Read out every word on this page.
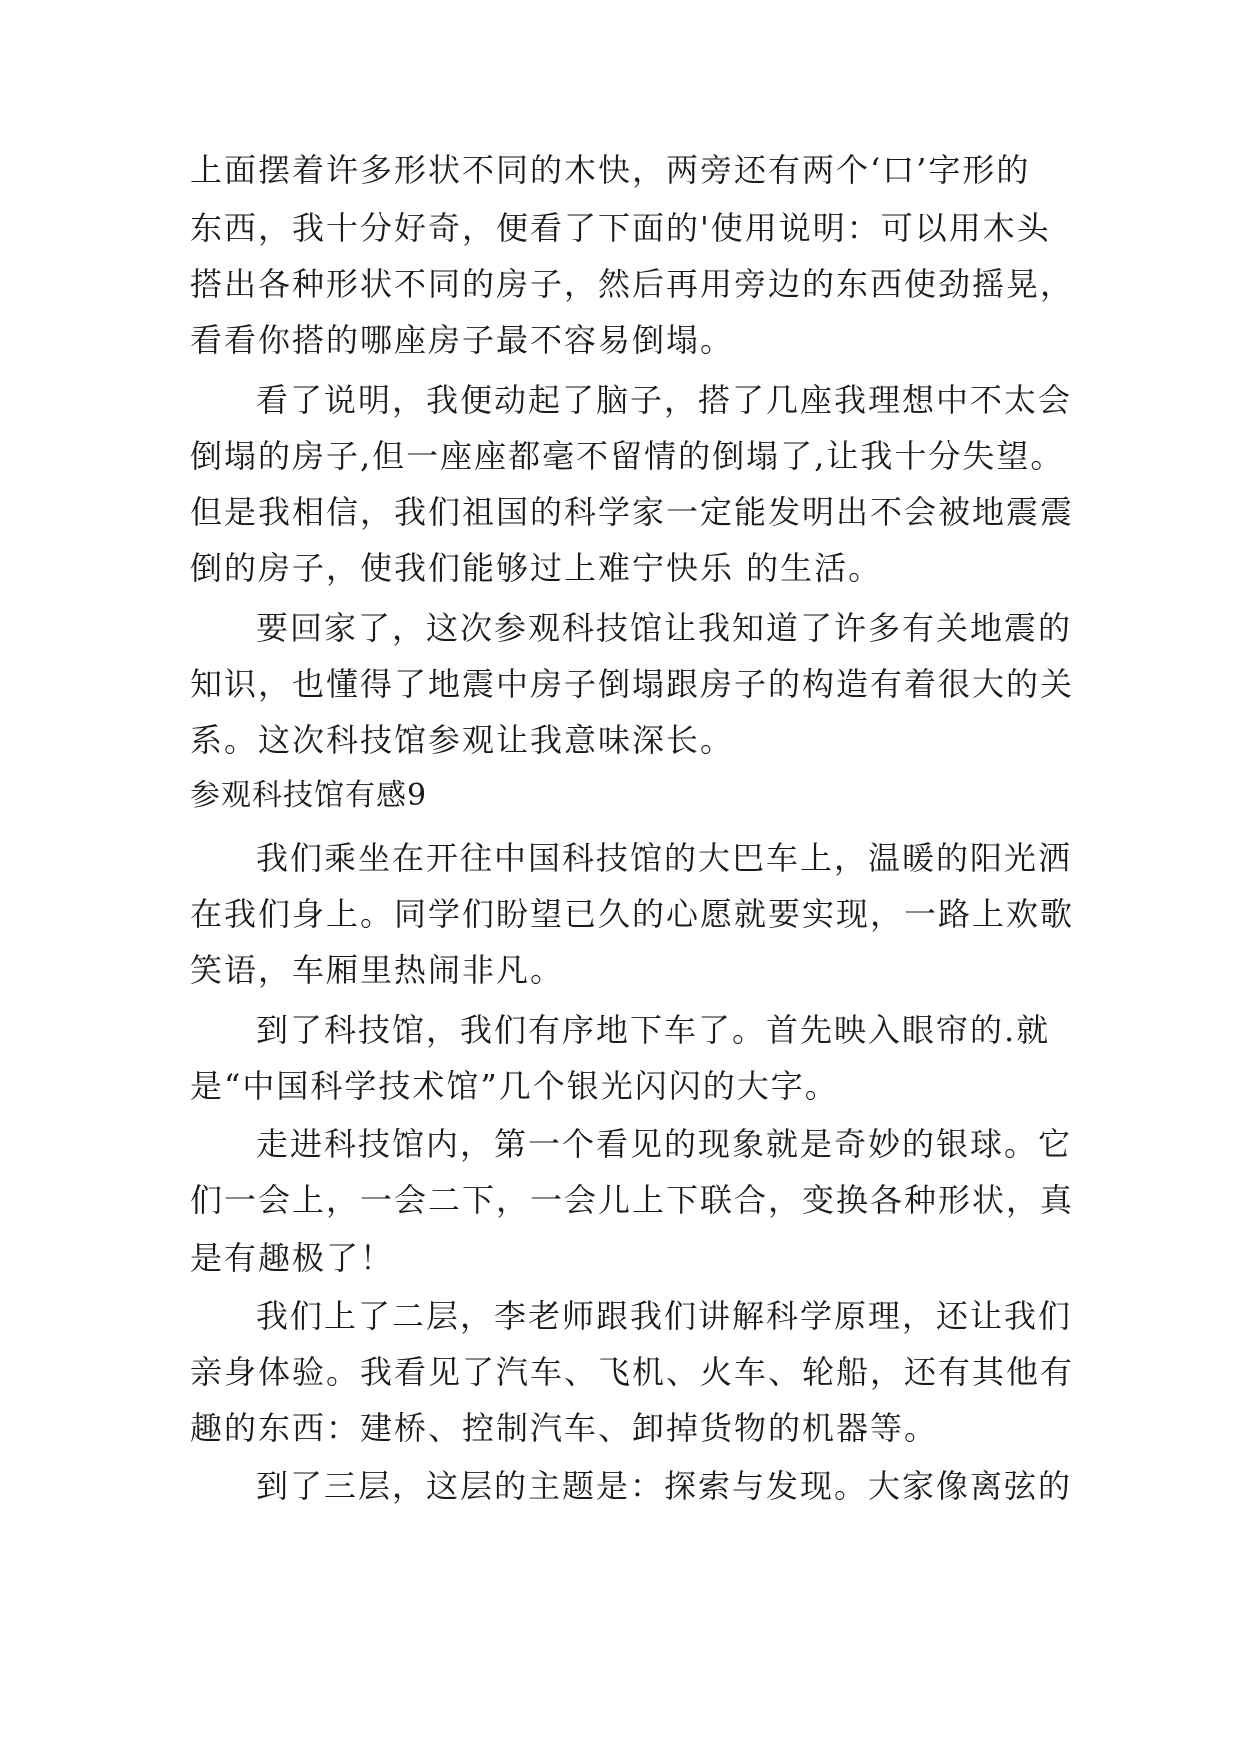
上面摆着许多形状不同的木快，两旁还有两个‘口’字形的
东西，我十分好奇，便看了下面的'使用说明：可以用木头
搭出各种形状不同的房子，然后再用旁边的东西使劲摇晃，
看看你搭的哪座房子最不容易倒塌。
看了说明，我便动起了脑子，搭了几座我理想中不太会
倒塌的房子,但一座座都毫不留情的倒塌了,让我十分失望。
但是我相信，我们祖国的科学家一定能发明出不会被地震震
倒的房子，使我们能够过上难宁快乐 的生活。
要回家了，这次参观科技馆让我知道了许多有关地震的
知识，也懂得了地震中房子倒塌跟房子的构造有着很大的关
系。这次科技馆参观让我意味深长。
参观科技馆有感9
我们乘坐在开往中国科技馆的大巴车上，温暖的阳光洒
在我们身上。同学们盼望已久的心愿就要实现，一路上欢歌
笑语，车厢里热闹非凡。
到了科技馆，我们有序地下车了。首先映入眼帘的.就
是“中国科学技术馆”几个银光闪闪的大字。
走进科技馆内，第一个看见的现象就是奇妙的银球。它
们一会上，一会二下，一会儿上下联合，变换各种形状，真
是有趣极了！
我们上了二层，李老师跟我们讲解科学原理，还让我们
亲身体验。我看见了汽车、飞机、火车、轮船，还有其他有
趣的东西：建桥、控制汽车、卸掉货物的机器等。
到了三层，这层的主题是：探索与发现。大家像离弦的
